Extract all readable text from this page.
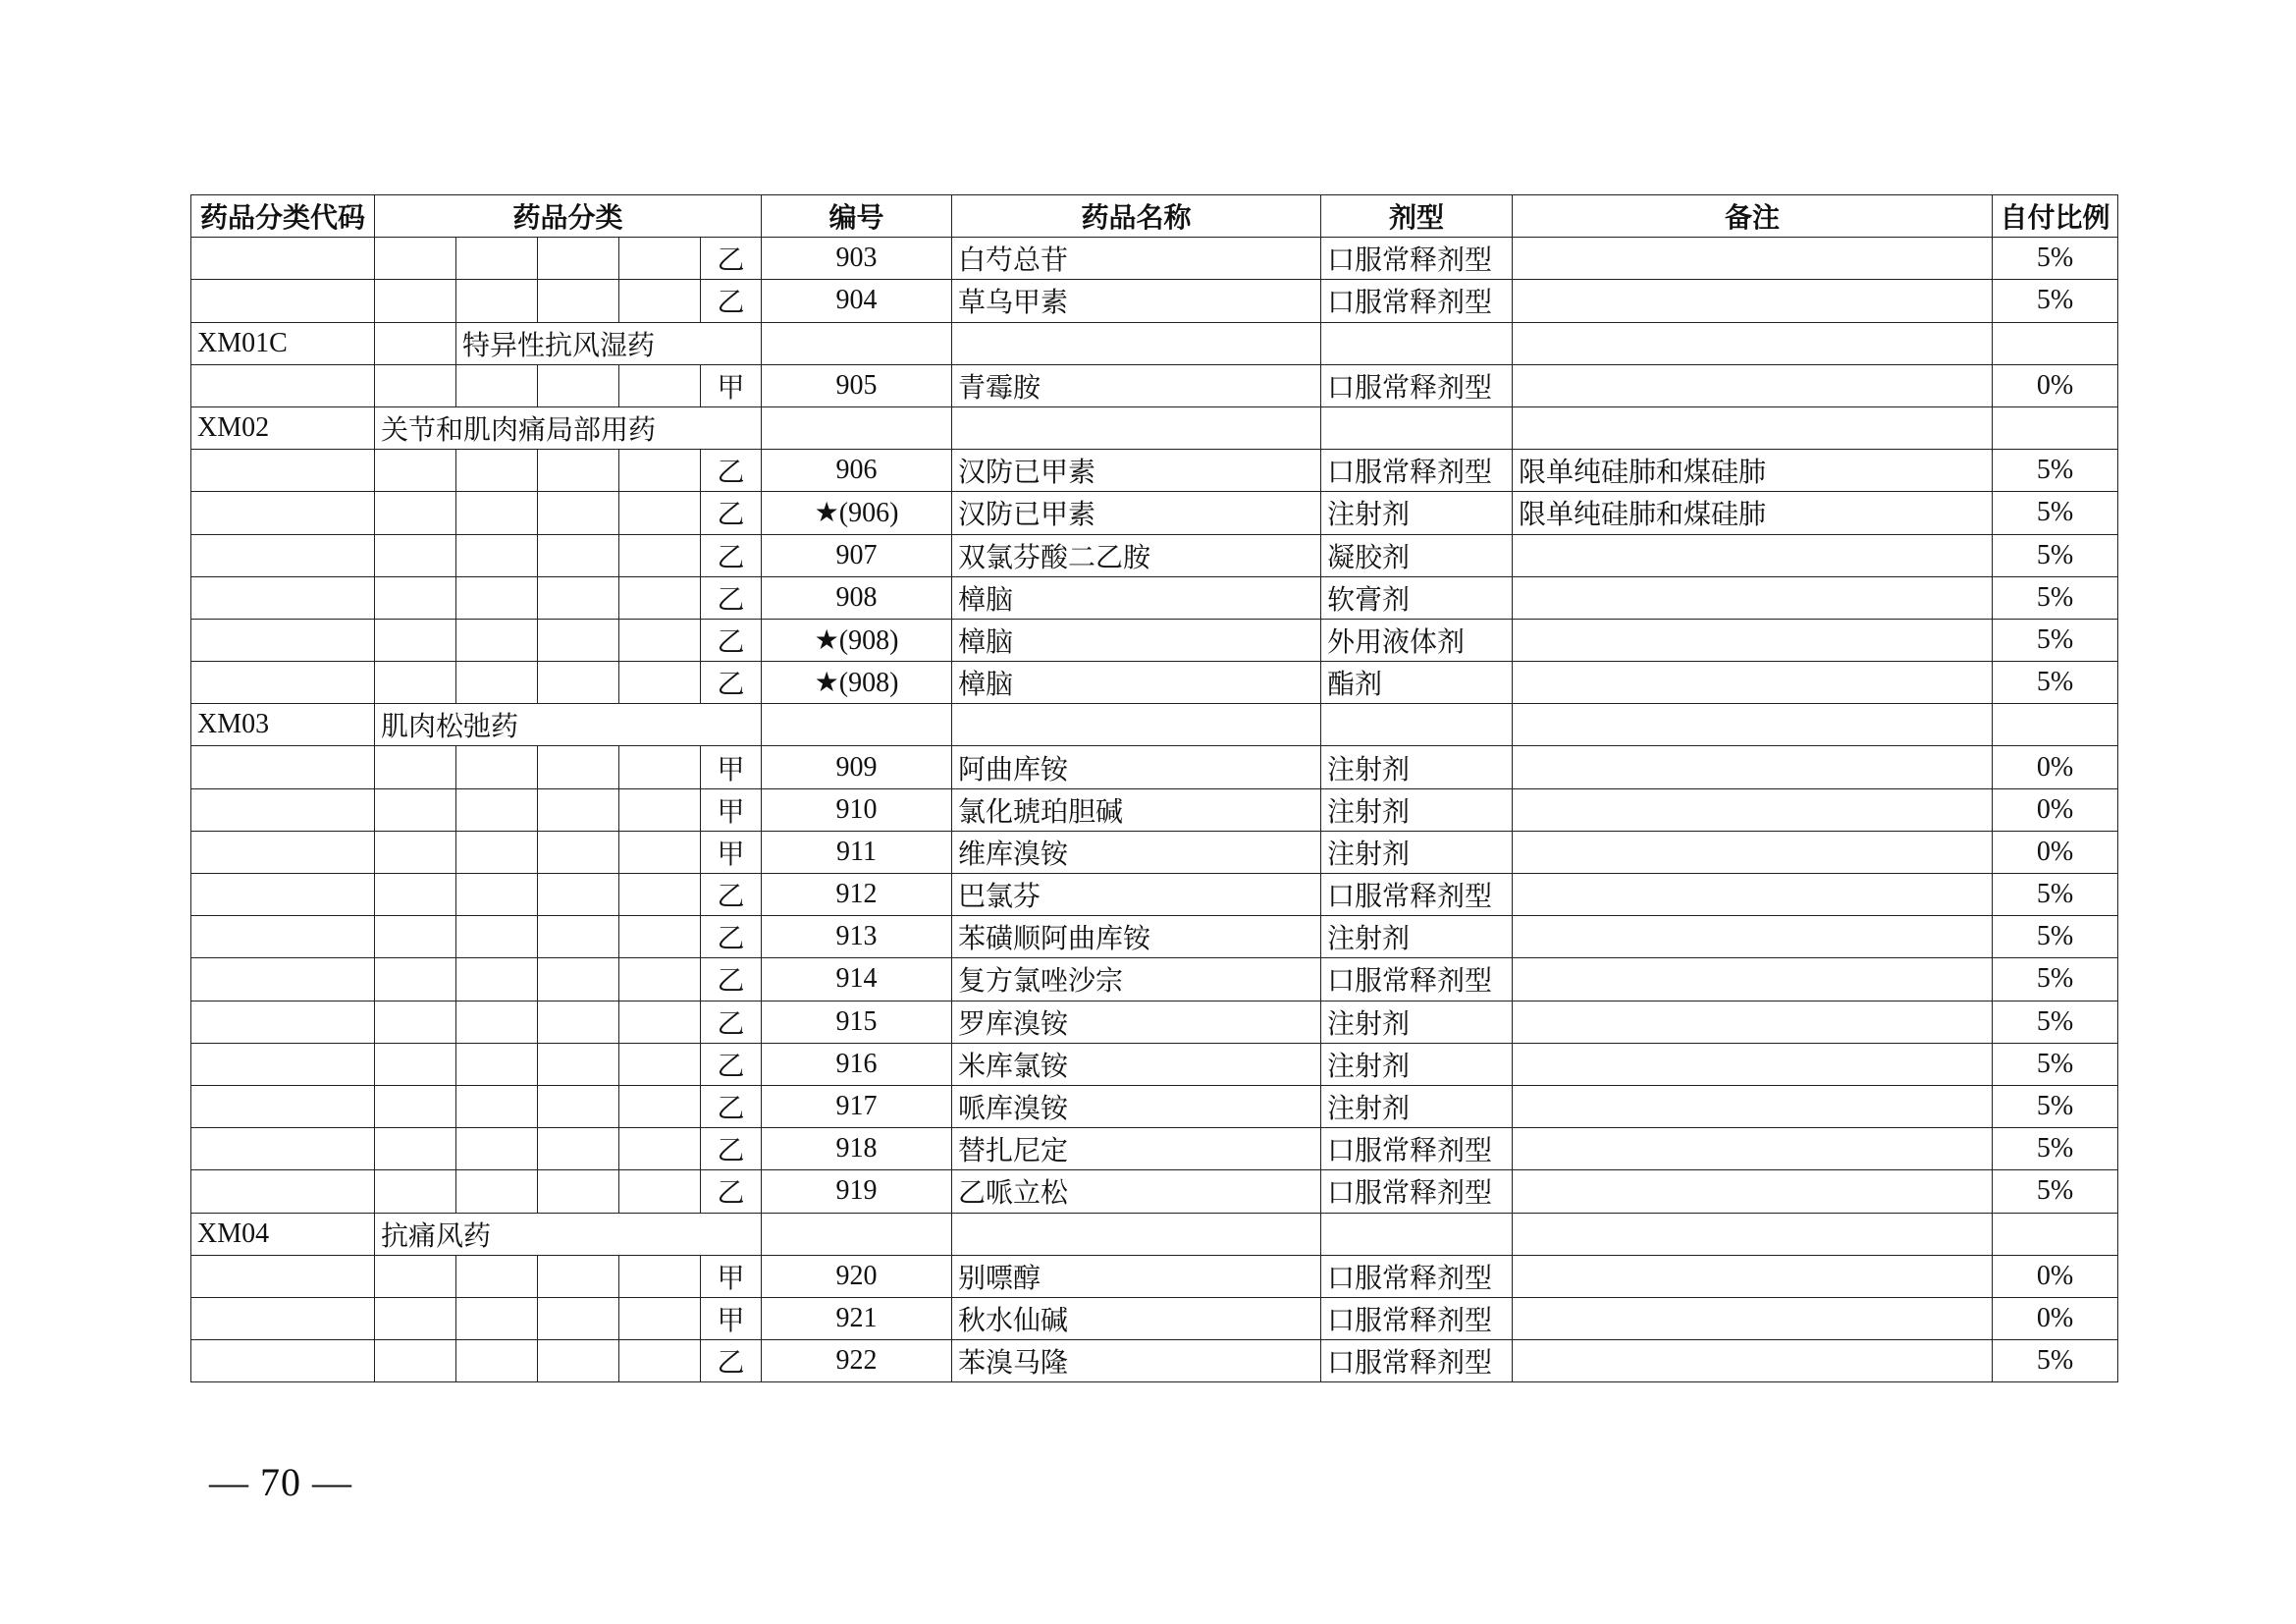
药品分类代码	药品分类					编号	药品名称	剂型	备注	自付比例
					乙	903	白芍总苷	口服常释剂型		5%
					乙	904	草乌甲素	口服常释剂型		5%
XM01C		特异性抗风湿药								
					甲	905	青霉胺	口服常释剂型		0%
XM02	关节和肌肉痛局部用药									
					乙	906	汉防已甲素	口服常释剂型	限单纯硅肺和煤硅肺	5%
					乙	★(906)	汉防已甲素	注射剂	限单纯硅肺和煤硅肺	5%
					乙	907	双氯芬酸二乙胺	凝胶剂		5%
					乙	908	樟脑	软膏剂		5%
					乙	★(908)	樟脑	外用液体剂		5%
					乙	★(908)	樟脑	酯剂		5%
XM03	肌肉松弛药									
					甲	909	阿曲库铵	注射剂		0%
					甲	910	氯化琥珀胆碱	注射剂		0%
					甲	911	维库溴铵	注射剂		0%
					乙	912	巴氯芬	口服常释剂型		5%
					乙	913	苯磺顺阿曲库铵	注射剂		5%
					乙	914	复方氯唑沙宗	口服常释剂型		5%
					乙	915	罗库溴铵	注射剂		5%
					乙	916	米库氯铵	注射剂		5%
					乙	917	哌库溴铵	注射剂		5%
					乙	918	替扎尼定	口服常释剂型		5%
					乙	919	乙哌立松	口服常释剂型		5%
XM04	抗痛风药									
					甲	920	别嘌醇	口服常释剂型		0%
					甲	921	秋水仙碱	口服常释剂型		0%
					乙	922	苯溴马隆	口服常释剂型		5%
— 70 —
